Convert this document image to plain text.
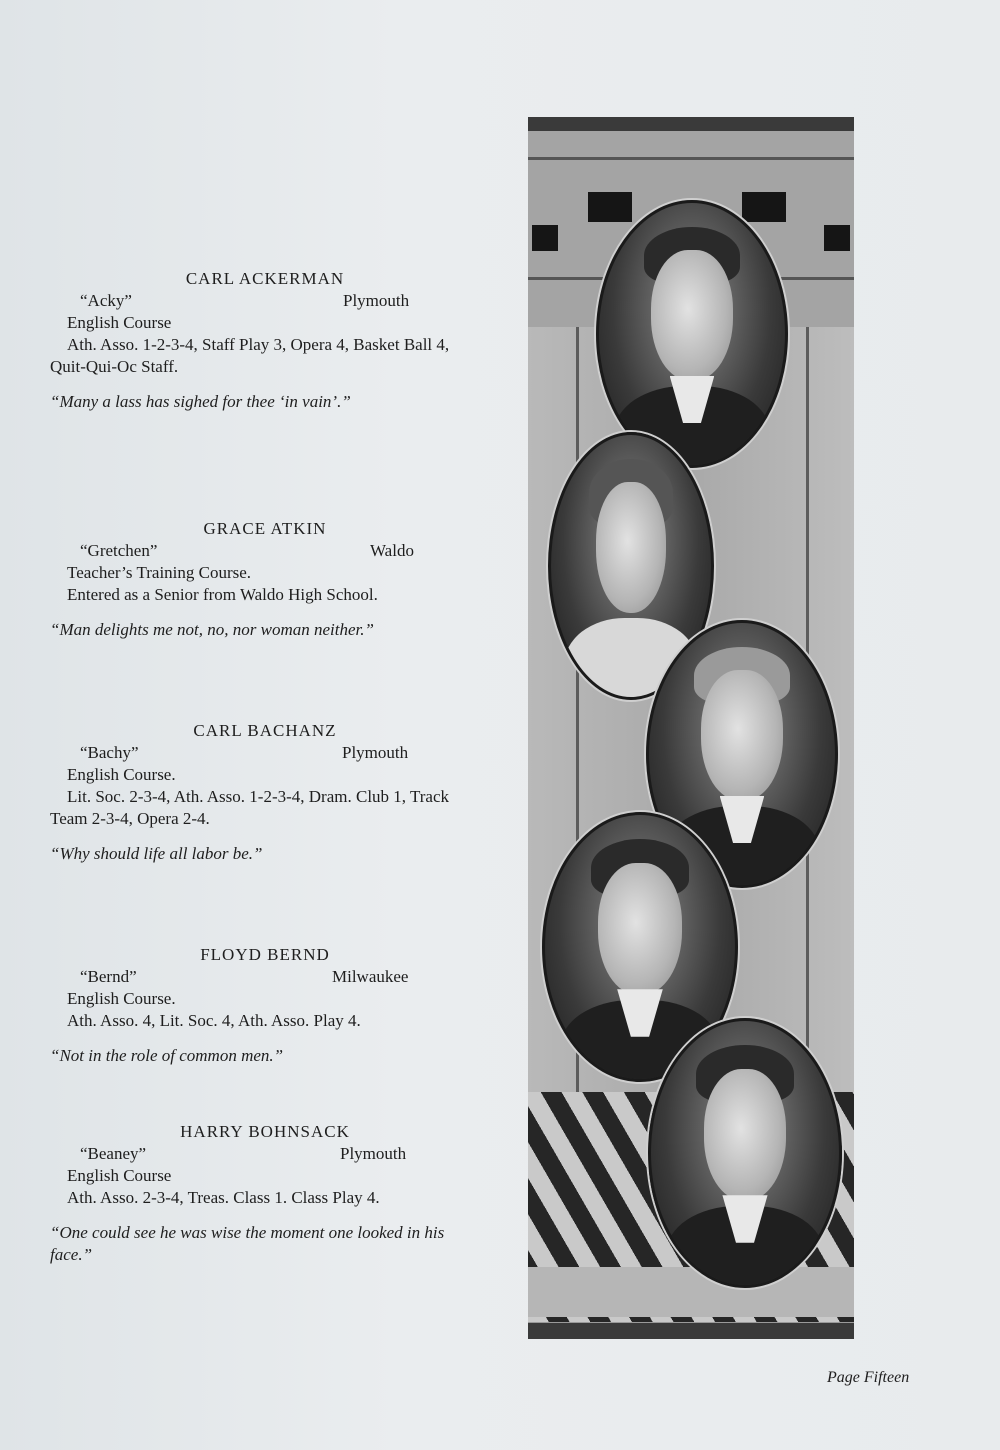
CARL ACKERMAN
“Acky”	Plymouth
English Course
Ath. Asso. 1-2-3-4, Staff Play 3, Opera 4, Basket Ball 4, Quit-Qui-Oc Staff.
“Many a lass has sighed for thee ‘in vain’.”
GRACE ATKIN
“Gretchen”	Waldo
Teacher’s Training Course.
Entered as a Senior from Waldo High School.
“Man delights me not, no, nor woman neither.”
CARL BACHANZ
“Bachy”	Plymouth
English Course.
Lit. Soc. 2-3-4, Ath. Asso. 1-2-3-4, Dram. Club 1, Track Team 2-3-4, Opera 2-4.
“Why should life all labor be.”
FLOYD BERND
“Bernd”	Milwaukee
English Course.
Ath. Asso. 4, Lit. Soc. 4, Ath. Asso. Play 4.
“Not in the role of common men.”
HARRY BOHNSACK
“Beaney”	Plymouth
English Course
Ath. Asso. 2-3-4, Treas. Class 1. Class Play 4.
“One could see he was wise the moment one looked in his face.”
Page Fifteen
